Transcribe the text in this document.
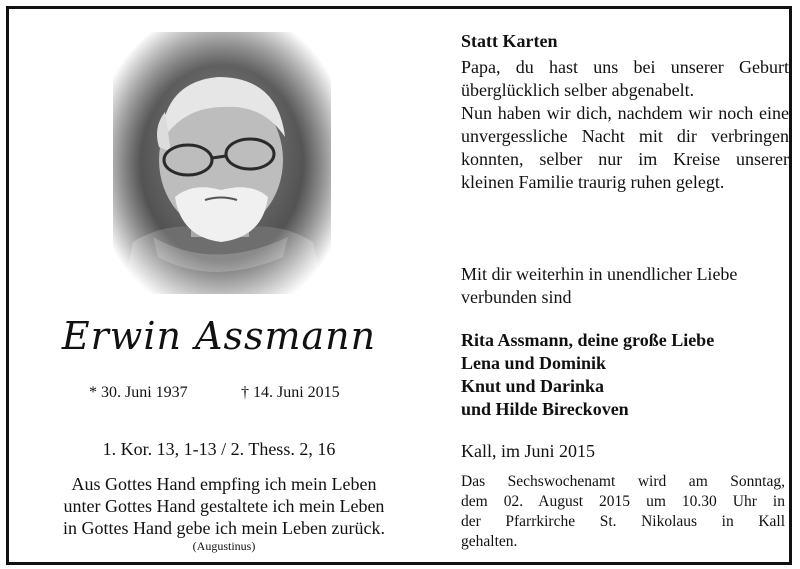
Erwin Assmann
* 30. Juni 1937	† 14. Juni 2015
1. Kor. 13, 1-13 / 2. Thess. 2, 16
Aus Gottes Hand empfing ich mein Leben
unter Gottes Hand gestaltete ich mein Leben
in Gottes Hand gebe ich mein Leben zurück.
(Augustinus)
Statt Karten

Papa, du hast uns bei unserer Geburt überglücklich selber abgenabelt.
Nun haben wir dich, nachdem wir noch eine unvergessliche Nacht mit dir verbringen konnten, selber nur im Kreise unserer kleinen Familie traurig ruhen gelegt.

Mit dir weiterhin in unendlicher Liebe
verbunden sind
Rita Assmann, deine große Liebe
Lena und Dominik
Knut und Darinka
und Hilde Bireckoven
Kall, im Juni 2015
Das Sechswochenamt wird am Sonntag,
dem 02. August 2015 um 10.30 Uhr in
der Pfarrkirche St. Nikolaus in Kall
gehalten.
